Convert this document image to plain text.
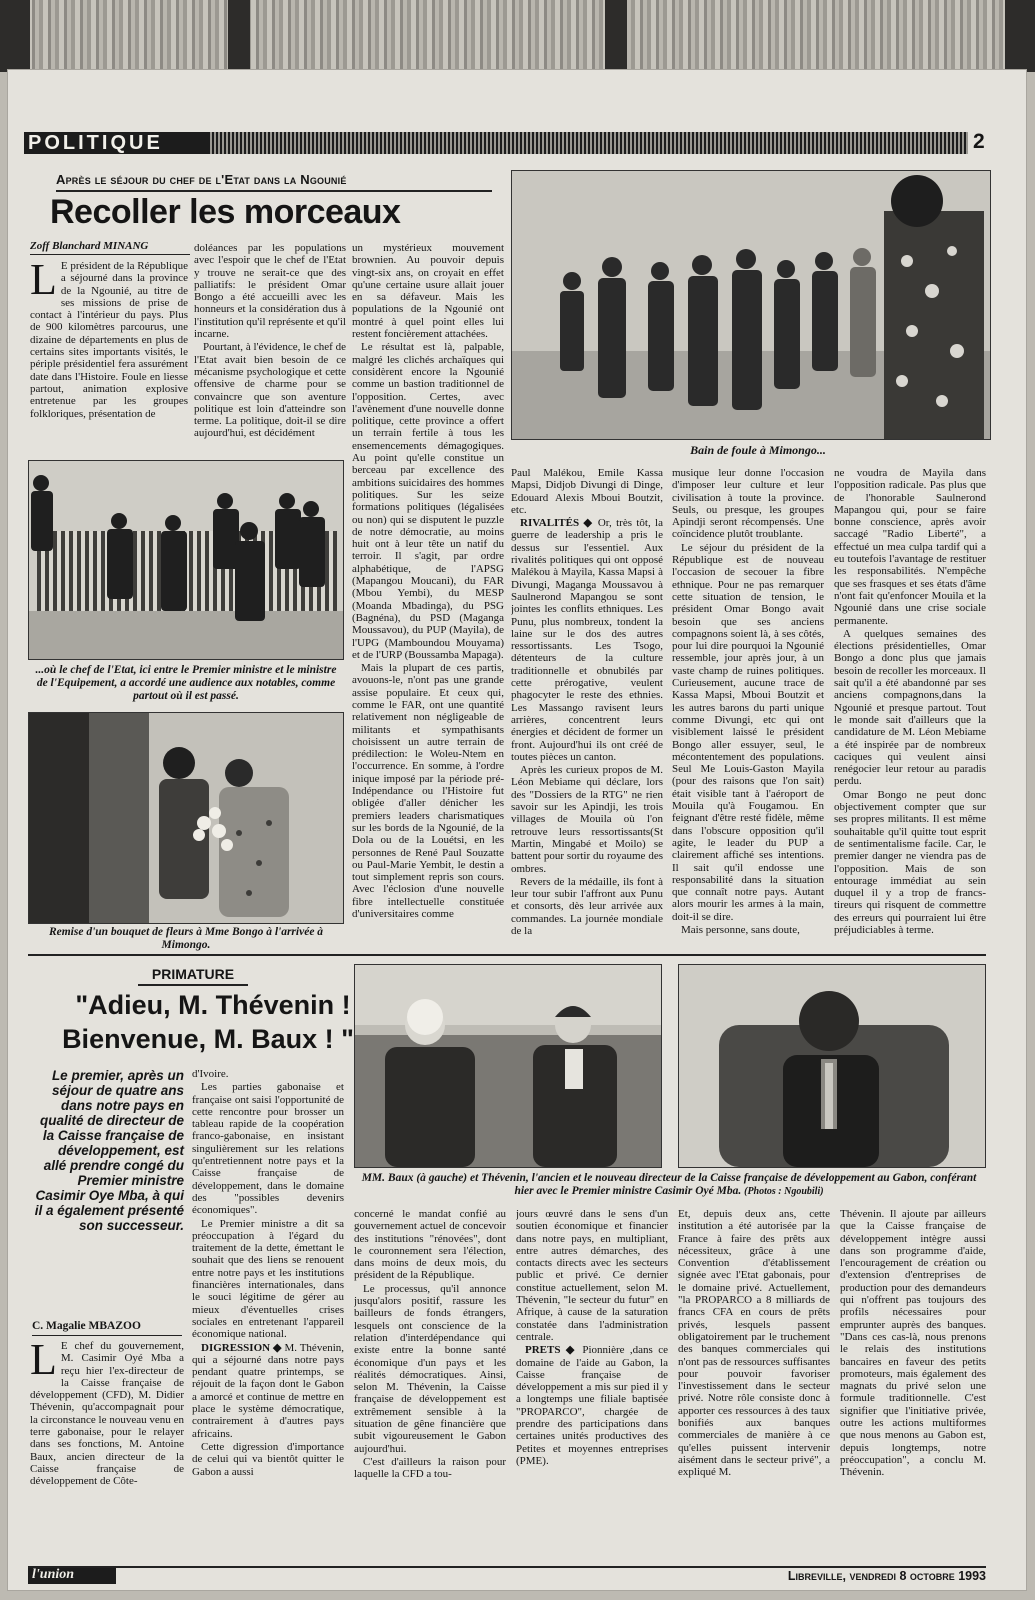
POLITIQUE	2
Après le séjour du chef de l'Etat dans la Ngounié
Recoller les morceaux
Zoff Blanchard MINANG

L E président de la République a séjourné dans la province de la Ngounié, au titre de ses missions de prise de contact à l'intérieur du pays. Plus de 900 kilomètres parcourus, une dizaine de départements en plus de certains sites importants visités, le périple présidentiel fera assurément date dans l'Histoire. Foule en liesse partout, animation explosive entretenue par les groupes folkloriques, présentation de

doléances par les populations avec l'espoir que le chef de l'Etat y trouve ne serait-ce que des palliatifs: le président Omar Bongo a été accueilli avec les honneurs et la considération dus à l'institution qu'il représente et qu'il incarne.

Pourtant, à l'évidence, le chef de l'Etat avait bien besoin de ce mécanisme psychologique et cette offensive de charme pour se convaincre que son aventure politique est loin d'atteindre son terme. La politique, doit-il se dire aujourd'hui, est décidément

un mystérieux mouvement brownien. Au pouvoir depuis vingt-six ans, on croyait en effet qu'une certaine usure allait jouer en sa défaveur. Mais les populations de la Ngounié ont montré à quel point elles lui restent foncièrement attachées.

Le résultat est là, palpable, malgré les clichés archaïques qui considèrent encore la Ngounié comme un bastion traditionnel de l'opposition. Certes, avec l'avènement d'une nouvelle donne politique, cette province a offert un terrain fertile à tous les ensemencements démagogiques. Au point qu'elle constitue un berceau par excellence des ambitions suicidaires des hommes politiques. Sur les seize formations politiques (légalisées ou non) qui se disputent le puzzle de notre démocratie, au moins huit ont à leur tête un natif du terroir. Il s'agit, par ordre alphabétique, de l'APSG (Mapangou Moucani), du FAR (Mbou Yembi), du MESP (Moanda Mbadinga), du PSG (Bagnéna), du PSD (Maganga Moussavou), du PUP (Mayila), de l'UPG (Mamboundou Mouyama) et de l'URP (Boussamba Mapaga).

Mais la plupart de ces partis, avouons-le, n'ont pas une grande assise populaire. Et ceux qui, comme le FAR, ont une quantité relativement non négligeable de militants et sympathisants choisissent un autre terrain de prédilection: le Woleu-Ntem en l'occurrence. En somme, à l'ordre inique imposé par la période pré-Indépendance ou l'Histoire fut obligée d'aller dénicher les premiers leaders charismatiques sur les bords de la Ngounié, de la Dola ou de la Louétsi, en les personnes de René Paul Souzatte ou Paul-Marie Yembit, le destin a tout simplement repris son cours. Avec l'éclosion d'une nouvelle fibre intellectuelle constituée d'universitaires comme

Bain de foule à Mimongo...
...où le chef de l'Etat, ici entre le Premier ministre et le ministre de l'Equipement, a accordé une audience aux notables, comme partout où il est passé.
Remise d'un bouquet de fleurs à Mme Bongo à l'arrivée à Mimongo.

Paul Malékou, Emile Kassa Mapsi, Didjob Divungi di Dinge, Edouard Alexis Mboui Boutzit, etc.

RIVALITÉS ◆ Or, très tôt, la guerre de leadership a pris le dessus sur l'essentiel. Aux rivalités politiques qui ont opposé Malékou à Mayila, Kassa Mapsi à Divungi, Maganga Moussavou à Saulnerond Mapangou se sont jointes les conflits ethniques. Les Punu, plus nombreux, tondent la laine sur le dos des autres ressortissants. Les Tsogo, détenteurs de la culture traditionnelle et obnubilés par cette prérogative, veulent phagocyter le reste des ethnies. Les Massango ravisent leurs arrières, concentrent leurs énergies et décident de former un front. Aujourd'hui ils ont créé de toutes pièces un canton.

Après les curieux propos de M. Léon Mebiame qui déclare, lors des "Dossiers de la RTG" ne rien savoir sur les Apindji, les trois villages de Mouila où l'on retrouve leurs ressortissants(St Martin, Mingabé et Moilo) se battent pour sortir du royaume des ombres.

Revers de la médaille, ils font à leur tour subir l'affront aux Punu et consorts, dès leur arrivée aux commandes. La journée mondiale de la

musique leur donne l'occasion d'imposer leur culture et leur civilisation à toute la province. Seuls, ou presque, les groupes Apindji seront récompensés. Une coïncidence plutôt troublante.

Le séjour du président de la République est de nouveau l'occasion de secouer la fibre ethnique. Pour ne pas remarquer cette situation de tension, le président Omar Bongo avait besoin que ses anciens compagnons soient là, à ses côtés, pour lui dire pourquoi la Ngounié ressemble, jour après jour, à un vaste champ de ruines politiques. Curieusement, aucune trace de Kassa Mapsi, Mboui Boutzit et les autres barons du parti unique comme Divungi, etc qui ont visiblement laissé le président Bongo aller essuyer, seul, le mécontentement des populations. Seul Me Louis-Gaston Mayila (pour des raisons que l'on sait) était visible tant à l'aéroport de Mouila qu'à Fougamou. En feignant d'être resté fidèle, même dans l'obscure opposition qu'il agite, le leader du PUP a clairement affiché ses intentions. Il sait qu'il endosse une responsabilité dans la situation que connaît notre pays. Autant alors mourir les armes à la main, doit-il se dire.

Mais personne, sans doute,

ne voudra de Mayila dans l'opposition radicale. Pas plus que de l'honorable Saulnerond Mapangou qui, pour se faire bonne conscience, après avoir saccagé "Radio Liberté", a effectué un mea culpa tardif qui a eu toutefois l'avantage de restituer les responsabilités. N'empêche que ses frasques et ses états d'âme n'ont fait qu'enfoncer Mouila et la Ngounié dans une crise sociale permanente.

A quelques semaines des élections présidentielles, Omar Bongo a donc plus que jamais besoin de recoller les morceaux. Il sait qu'il a été abandonné par ses anciens compagnons,dans la Ngounié et presque partout. Tout le monde sait d'ailleurs que la candidature de M. Léon Mebiame a été inspirée par de nombreux caciques qui veulent ainsi renégocier leur retour au paradis perdu.

Omar Bongo ne peut donc objectivement compter que sur ses propres militants. Il est même souhaitable qu'il quitte tout esprit de sentimentalisme facile. Car, le premier danger ne viendra pas de l'opposition. Mais de son entourage immédiat au sein duquel il y a trop de francs- tireurs qui risquent de commettre des erreurs qui pourraient lui être préjudiciables à terme.

PRIMATURE
"Adieu, M. Thévenin !
Bienvenue, M. Baux ! "
Le premier, après un séjour de quatre ans dans notre pays en qualité de directeur de la Caisse française de développement, est allé prendre congé du Premier ministre Casimir Oye Mba, à qui il a également présenté son successeur.
C. Magalie MBAZOO

L E chef du gouvernement, M. Casimir Oyé Mba a reçu hier l'ex-directeur de la Caisse française de développement (CFD), M. Didier Thévenin, qu'accompagnait pour la circonstance le nouveau venu en terre gabonaise, pour le relayer dans ses fonctions, M. Antoine Baux, ancien directeur de la Caisse française de développement de Côte-

d'Ivoire.

Les parties gabonaise et française ont saisi l'opportunité de cette rencontre pour brosser un tableau rapide de la coopération franco-gabonaise, en insistant singulièrement sur les relations qu'entretiennent notre pays et la Caisse française de développement, dans le domaine des "possibles devenirs économiques".

Le Premier ministre a dit sa préoccupation à l'égard du traitement de la dette, émettant le souhait que des liens se renouent entre notre pays et les institutions financières internationales, dans le souci légitime de gérer au mieux d'éventuelles crises sociales en entretenant l'appareil économique national.

DIGRESSION ◆ M. Thévenin, qui a séjourné dans notre pays pendant quatre printemps, se réjouit de la façon dont le Gabon a amorcé et continue de mettre en place le système démocratique, contrairement à d'autres pays africains.

Cette digression d'importance de celui qui va bientôt quitter le Gabon a aussi

MM. Baux (à gauche) et Thévenin, l'ancien et le nouveau directeur de la Caisse française de développement au Gabon, conférant hier avec le Premier ministre Casimir Oyé Mba. (Photos : Ngoubili)

concerné le mandat confié au gouvernement actuel de concevoir des institutions "rénovées", dont le couronnement sera l'élection, dans moins de deux mois, du président de la République.

Le processus, qu'il annonce jusqu'alors positif, rassure les bailleurs de fonds étrangers, lesquels ont conscience de la relation d'interdépendance qui existe entre la bonne santé économique d'un pays et les réalités démocratiques. Ainsi, selon M. Thévenin, la Caisse française de développement est extrêmement sensible à la situation de gêne financière que subit vigoureusement le Gabon aujourd'hui.

C'est d'ailleurs la raison pour laquelle la CFD a tou-

jours œuvré dans le sens d'un soutien économique et financier dans notre pays, en multipliant, entre autres démarches, des contacts directs avec les secteurs public et privé. Ce dernier constitue actuellement, selon M. Thévenin, "le secteur du futur" en Afrique, à cause de la saturation constatée dans l'administration centrale.

PRETS ◆ Pionnière ,dans ce domaine de l'aide au Gabon, la Caisse française de développement a mis sur pied il y a longtemps une filiale baptisée "PROPARCO", chargée de prendre des participations dans certaines unités productives des Petites et moyennes entreprises (PME).

Et, depuis deux ans, cette institution a été autorisée par la France à faire des prêts aux nécessiteux, grâce à une Convention d'établissement signée avec l'Etat gabonais, pour le domaine privé. Actuellement, "la PROPARCO a 8 milliards de francs CFA en cours de prêts privés, lesquels passent obligatoirement par le truchement des banques commerciales qui n'ont pas de ressources suffisantes pour pouvoir favoriser l'investissement dans le secteur privé. Notre rôle consiste donc à apporter ces ressources à des taux bonifiés aux banques commerciales de manière à ce qu'elles puissent intervenir aisément dans le secteur privé", a expliqué M.

Thévenin. Il ajoute par ailleurs que la Caisse française de développement intègre aussi dans son programme d'aide, l'encouragement de création ou d'extension d'entreprises de production pour des demandeurs qui n'offrent pas toujours des profils nécessaires pour emprunter auprès des banques. "Dans ces cas-là, nous prenons le relais des institutions bancaires en faveur des petits promoteurs, mais également des magnats du privé selon une formule traditionnelle. C'est signifier que l'initiative privée, outre les actions multiformes que nous menons au Gabon est, depuis longtemps, notre préoccupation", a conclu M. Thévenin.

l'union	Libreville, vendredi 8 octobre 1993
